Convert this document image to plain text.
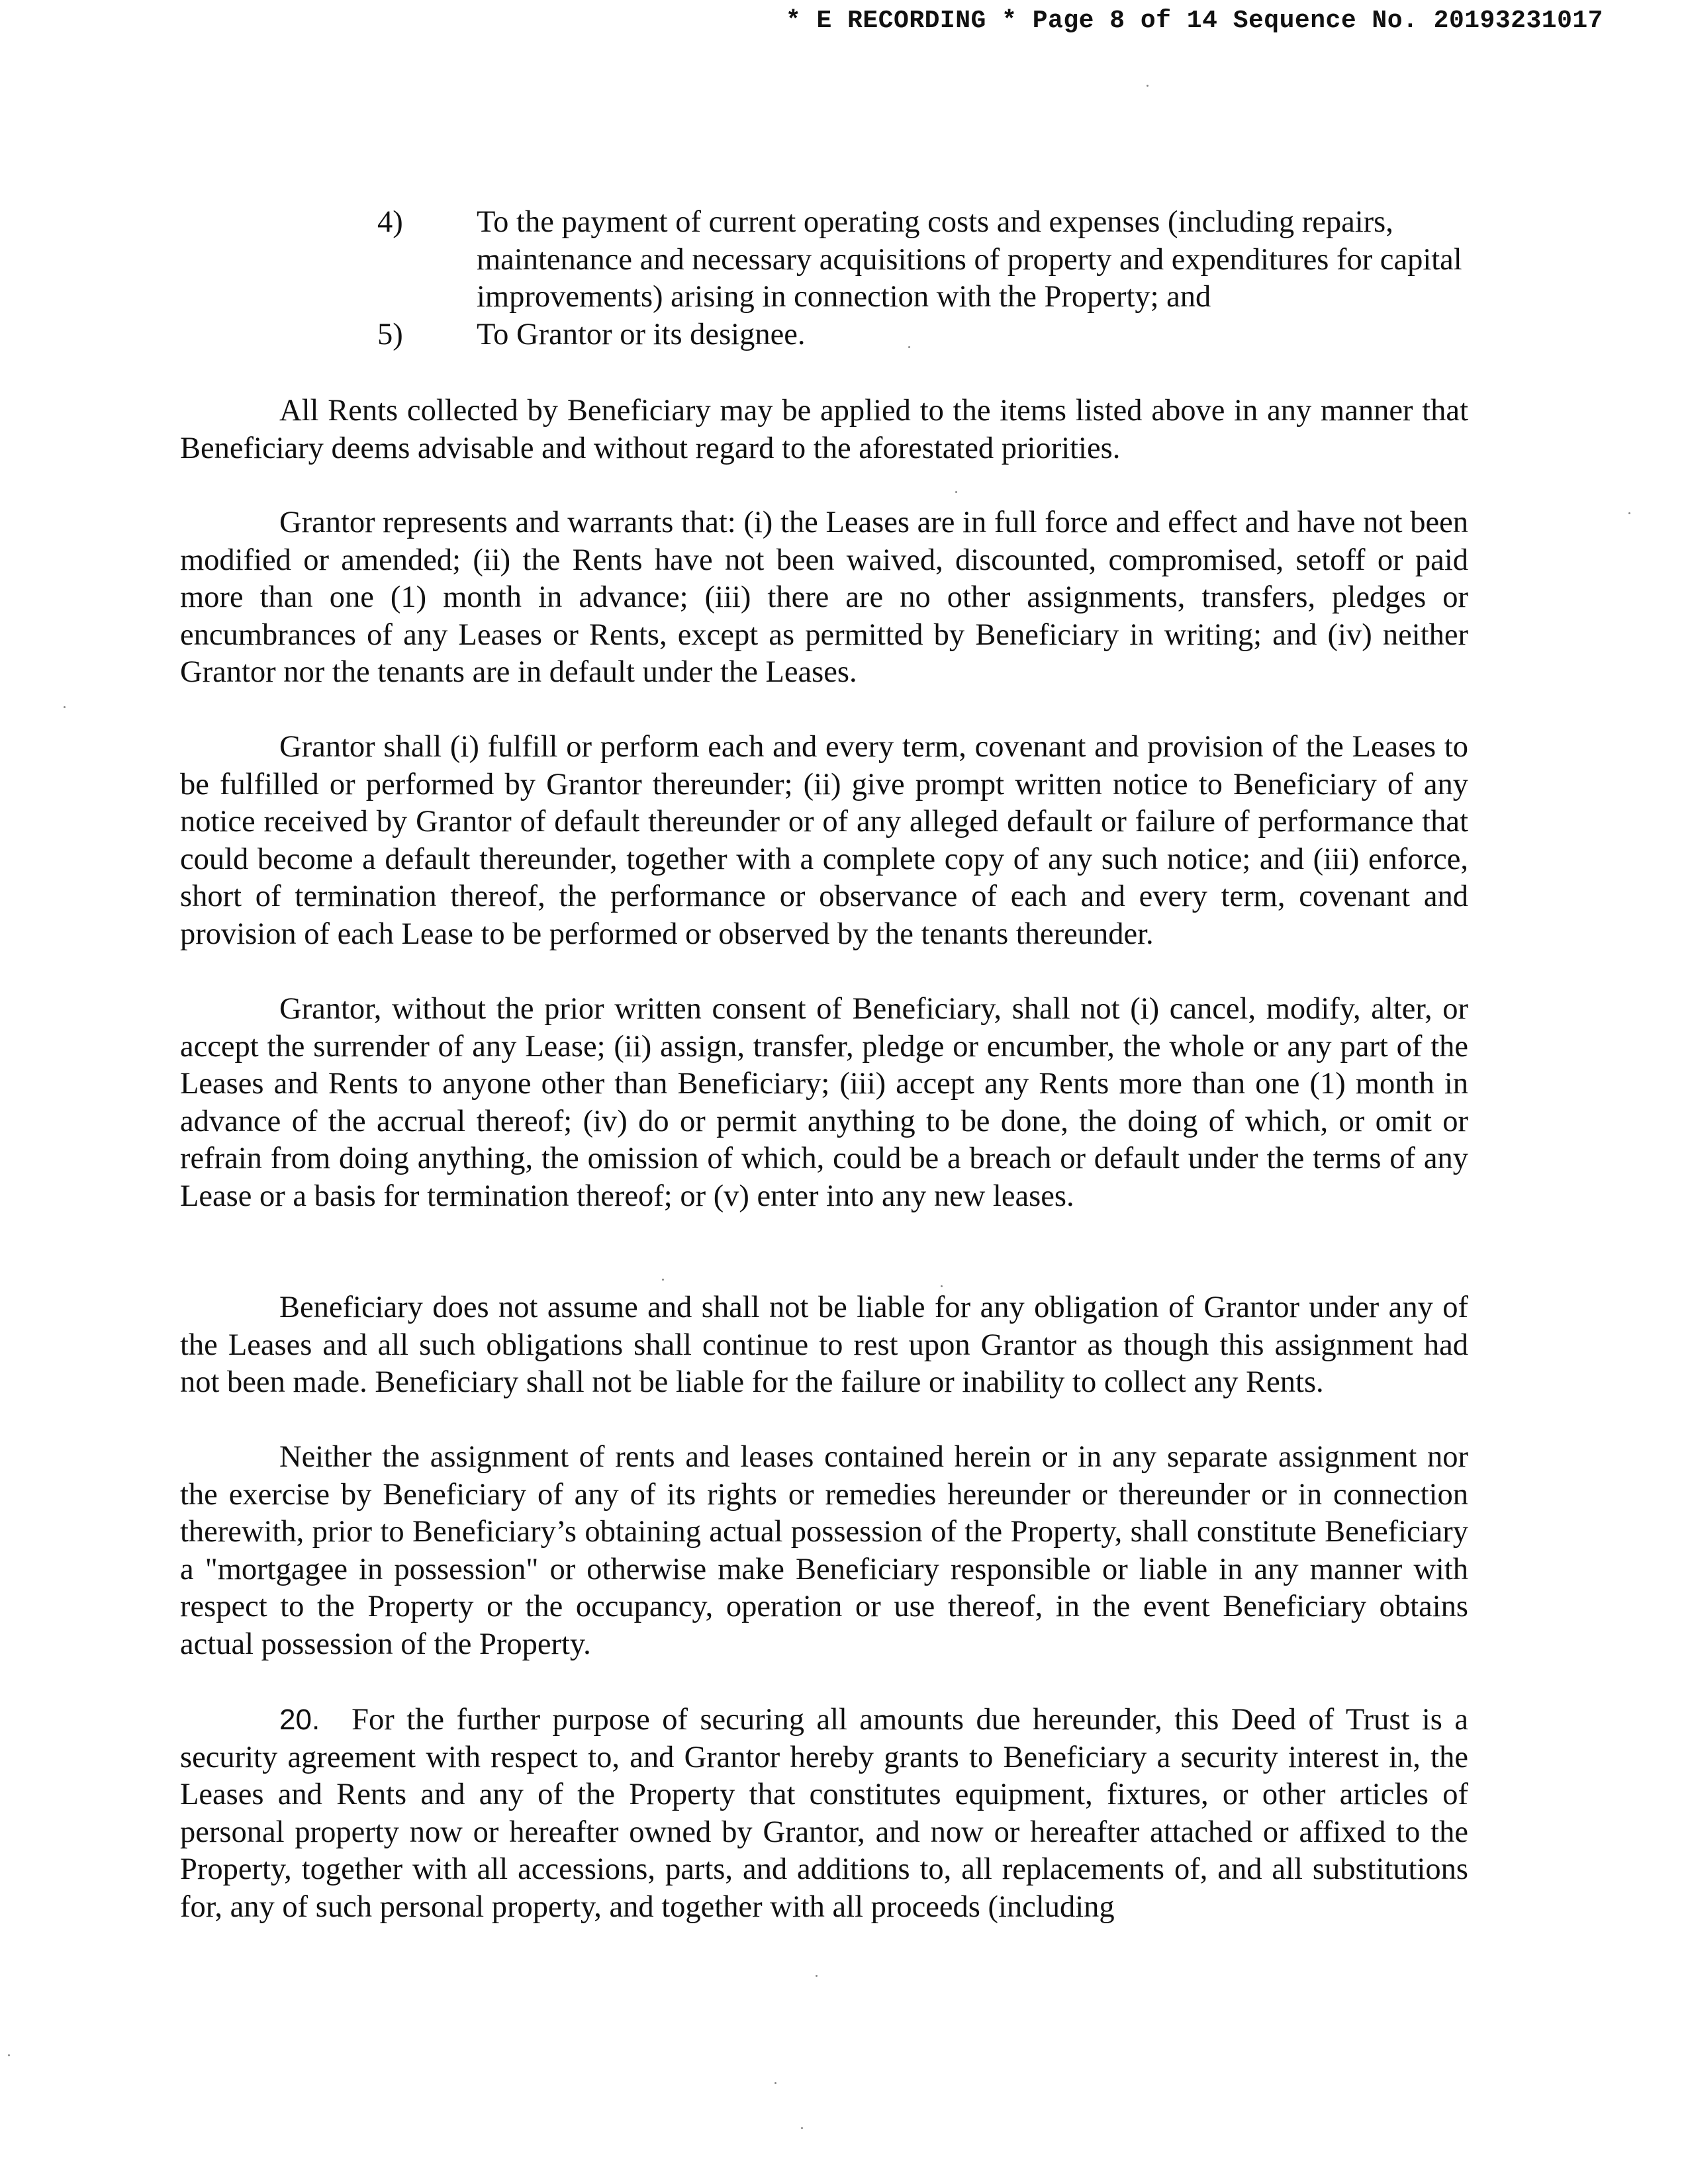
* E RECORDING * Page 8 of 14 Sequence No. 20193231017
4)	To the payment of current operating costs and expenses (including repairs, maintenance and necessary acquisitions of property and expenditures for capital improvements) arising in connection with the Property; and
5)	To Grantor or its designee.
All Rents collected by Beneficiary may be applied to the items listed above in any manner that Beneficiary deems advisable and without regard to the aforestated priorities.
Grantor represents and warrants that: (i) the Leases are in full force and effect and have not been modified or amended; (ii) the Rents have not been waived, discounted, compromised, setoff or paid more than one (1) month in advance; (iii) there are no other assignments, transfers, pledges or encumbrances of any Leases or Rents, except as permitted by Beneficiary in writing; and (iv) neither Grantor nor the tenants are in default under the Leases.
Grantor shall (i) fulfill or perform each and every term, covenant and provision of the Leases to be fulfilled or performed by Grantor thereunder; (ii) give prompt written notice to Beneficiary of any notice received by Grantor of default thereunder or of any alleged default or failure of performance that could become a default thereunder, together with a complete copy of any such notice; and (iii) enforce, short of termination thereof, the performance or observance of each and every term, covenant and provision of each Lease to be performed or observed by the tenants thereunder.
Grantor, without the prior written consent of Beneficiary, shall not (i) cancel, modify, alter, or accept the surrender of any Lease; (ii) assign, transfer, pledge or encumber, the whole or any part of the Leases and Rents to anyone other than Beneficiary; (iii) accept any Rents more than one (1) month in advance of the accrual thereof; (iv) do or permit anything to be done, the doing of which, or omit or refrain from doing anything, the omission of which, could be a breach or default under the terms of any Lease or a basis for termination thereof; or (v) enter into any new leases.
Beneficiary does not assume and shall not be liable for any obligation of Grantor under any of the Leases and all such obligations shall continue to rest upon Grantor as though this assignment had not been made. Beneficiary shall not be liable for the failure or inability to collect any Rents.
Neither the assignment of rents and leases contained herein or in any separate assignment nor the exercise by Beneficiary of any of its rights or remedies hereunder or thereunder or in connection therewith, prior to Beneficiary’s obtaining actual possession of the Property, shall constitute Beneficiary a "mortgagee in possession" or otherwise make Beneficiary responsible or liable in any manner with respect to the Property or the occupancy, operation or use thereof, in the event Beneficiary obtains actual possession of the Property.
20. For the further purpose of securing all amounts due hereunder, this Deed of Trust is a security agreement with respect to, and Grantor hereby grants to Beneficiary a security interest in, the Leases and Rents and any of the Property that constitutes equipment, fixtures, or other articles of personal property now or hereafter owned by Grantor, and now or hereafter attached or affixed to the Property, together with all accessions, parts, and additions to, all replacements of, and all substitutions for, any of such personal property, and together with all proceeds (including
